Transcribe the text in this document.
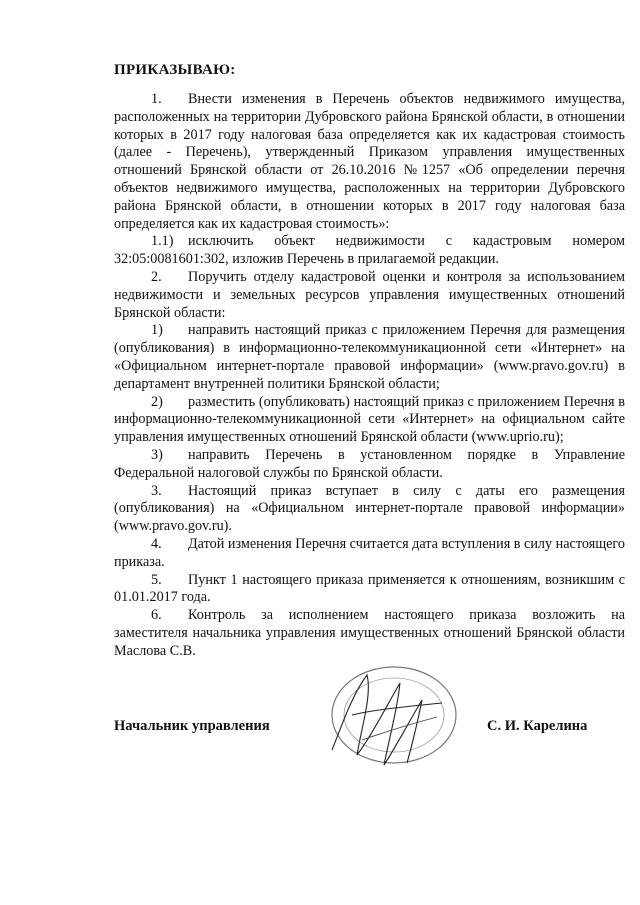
ПРИКАЗЫВАЮ:

1. Внести изменения в Перечень объектов недвижимого имущества, расположенных на территории Дубровского района Брянской области, в отношении которых в 2017 году налоговая база определяется как их кадастровая стоимость (далее - Перечень), утвержденный Приказом управления имущественных отношений Брянской области от 26.10.2016 №1257 «Об определении перечня объектов недвижимого имущества, расположенных на территории Дубровского района Брянской области, в отношении которых в 2017 году налоговая база определяется как их кадастровая стоимость»:

1.1) исключить объект недвижимости с кадастровым номером 32:05:0081601:302, изложив Перечень в прилагаемой редакции.

2. Поручить отделу кадастровой оценки и контроля за использованием недвижимости и земельных ресурсов управления имущественных отношений Брянской области:

1) направить настоящий приказ с приложением Перечня для размещения (опубликования) в информационно-телекоммуникационной сети «Интернет» на «Официальном интернет-портале правовой информации» (www.pravo.gov.ru) в департамент внутренней политики Брянской области;

2) разместить (опубликовать) настоящий приказ с приложением Перечня в информационно-телекоммуникационной сети «Интернет» на официальном сайте управления имущественных отношений Брянской области (www.uprio.ru);

3) направить Перечень в установленном порядке в Управление Федеральной налоговой службы по Брянской области.

3. Настоящий приказ вступает в силу с даты его размещения (опубликования) на «Официальном интернет-портале правовой информации» (www.pravo.gov.ru).

4. Датой изменения Перечня считается дата вступления в силу настоящего приказа.

5. Пункт 1 настоящего приказа применяется к отношениям, возникшим с 01.01.2017 года.

6. Контроль за исполнением настоящего приказа возложить на заместителя начальника управления имущественных отношений Брянской области Маслова С.В.

Начальник управления	С. И. Карелина
